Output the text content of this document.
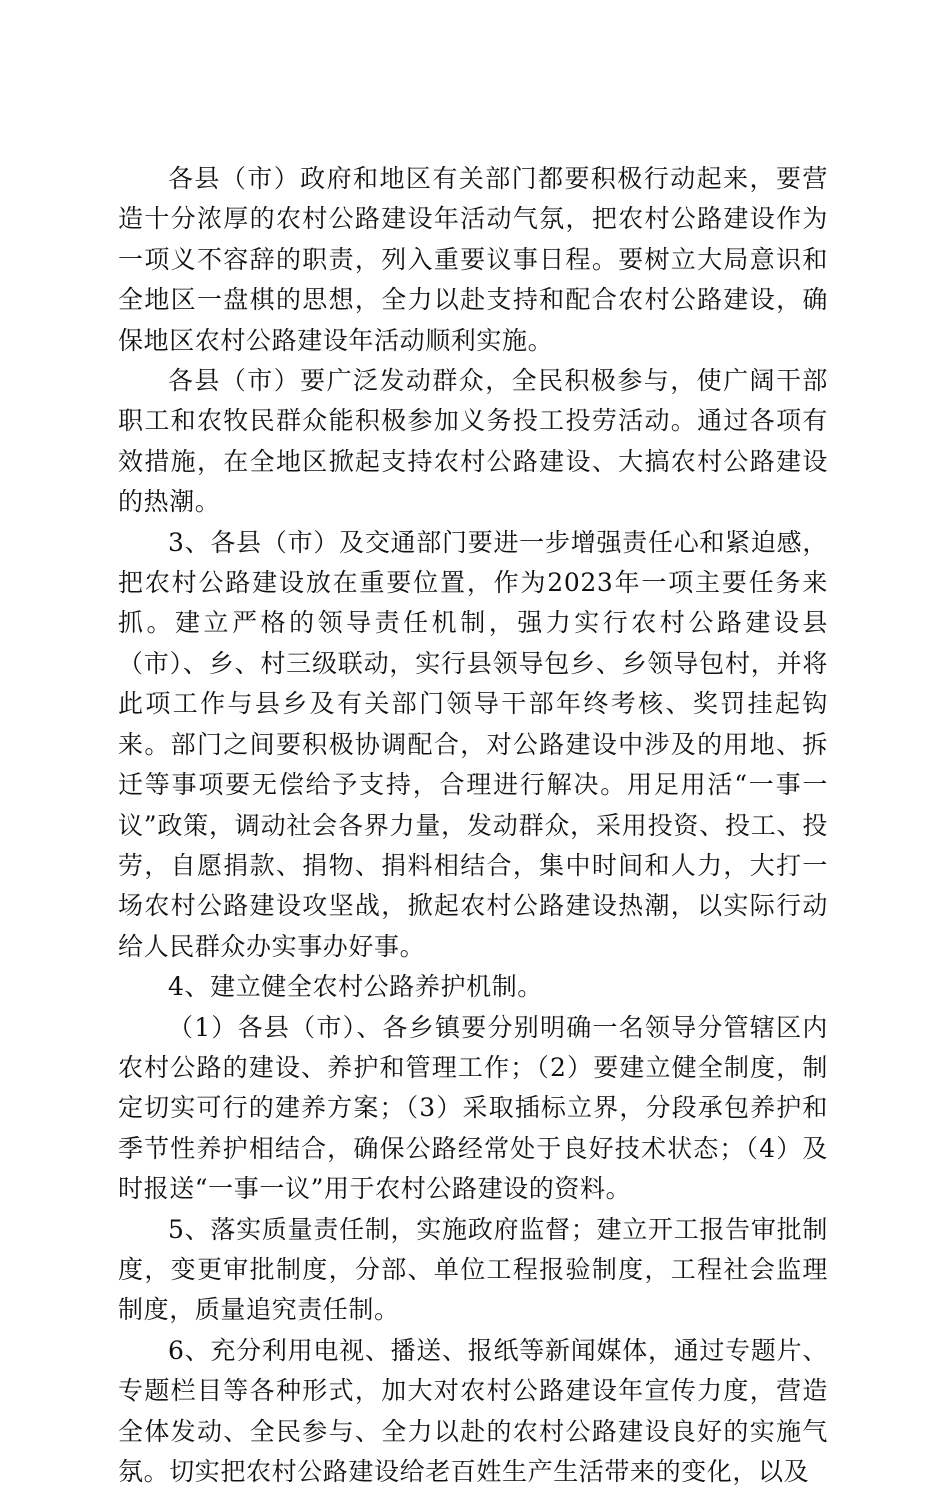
各县（市）政府和地区有关部门都要积极行动起来，要营造十分浓厚的农村公路建设年活动气氛，把农村公路建设作为一项义不容辞的职责，列入重要议事日程。要树立大局意识和全地区一盘棋的思想，全力以赴支持和配合农村公路建设，确保地区农村公路建设年活动顺利实施。

各县（市）要广泛发动群众，全民积极参与，使广阔干部职工和农牧民群众能积极参加义务投工投劳活动。通过各项有效措施，在全地区掀起支持农村公路建设、大搞农村公路建设的热潮。

3、各县（市）及交通部门要进一步增强责任心和紧迫感，把农村公路建设放在重要位置，作为2023年一项主要任务来抓。建立严格的领导责任机制，强力实行农村公路建设县（市）、乡、村三级联动，实行县领导包乡、乡领导包村，并将此项工作与县乡及有关部门领导干部年终考核、奖罚挂起钩来。部门之间要积极协调配合，对公路建设中涉及的用地、拆迁等事项要无偿给予支持，合理进行解决。用足用活“一事一议”政策，调动社会各界力量，发动群众，采用投资、投工、投劳，自愿捐款、捐物、捐料相结合，集中时间和人力，大打一场农村公路建设攻坚战，掀起农村公路建设热潮，以实际行动给人民群众办实事办好事。

4、建立健全农村公路养护机制。

（1）各县（市）、各乡镇要分别明确一名领导分管辖区内农村公路的建设、养护和管理工作；（2）要建立健全制度，制定切实可行的建养方案；（3）采取插标立界，分段承包养护和季节性养护相结合，确保公路经常处于良好技术状态；（4）及时报送“一事一议”用于农村公路建设的资料。

5、落实质量责任制，实施政府监督；建立开工报告审批制度，变更审批制度，分部、单位工程报验制度，工程社会监理制度，质量追究责任制。

6、充分利用电视、播送、报纸等新闻媒体，通过专题片、专题栏目等各种形式，加大对农村公路建设年宣传力度，营造全体发动、全民参与、全力以赴的农村公路建设良好的实施气氛。切实把农村公路建设给老百姓生产生活带来的变化，以及
